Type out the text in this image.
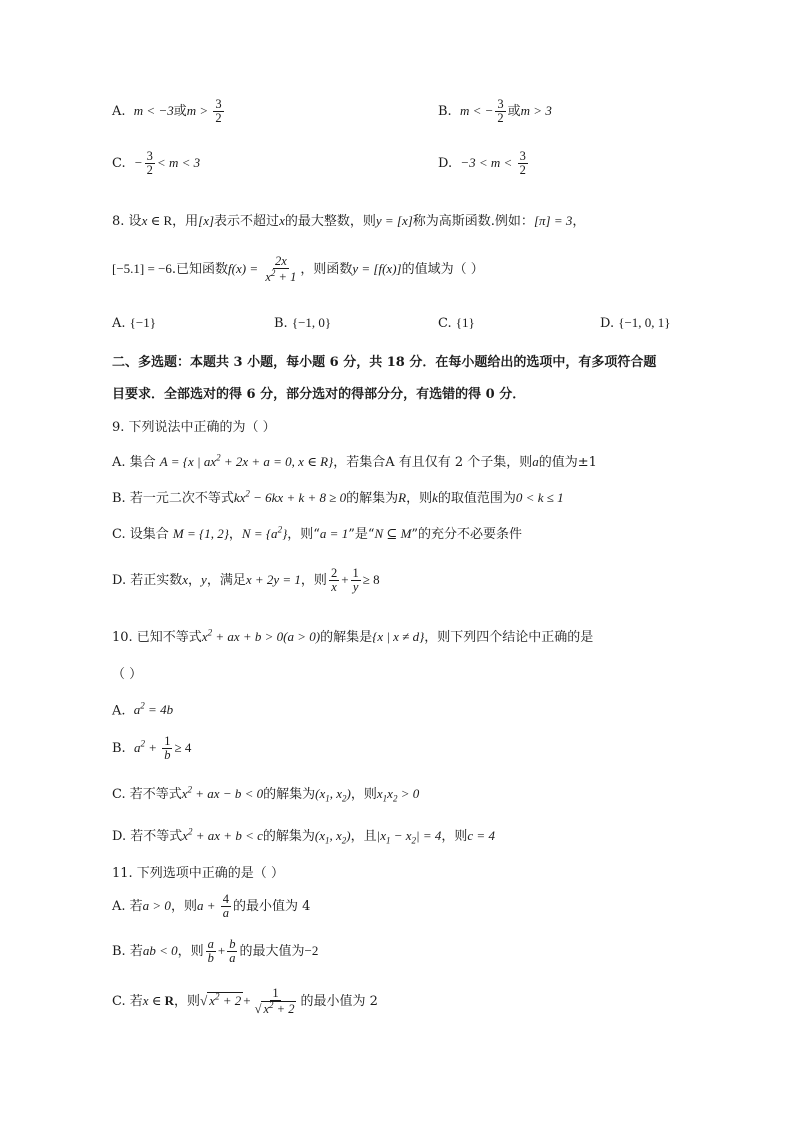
A. m < −3或$m > \frac{3}{2}$	B. m < − $\frac{3}{2}$ 或m > 3
C. − $\frac{3}{2} < m < 3$	D. $-3 < m < \frac{3}{2}$
8. 设x ∈ R，用[x]表示不超过x的最大整数，则y = [x]称为高斯函数.例如：[π] = 3，
[−5.1] = −6.已知函数$f(x) = \frac{2x}{x^2 + 1}$ ，则函数y = [f(x)]的值域为（ ）
A. {−1}	B. {−1, 0}	C. {1}	D. {−1, 0, 1}
二、多选题：本题共 3 小题，每小题 6 分，共 18 分．在每小题给出的选项中，有多项符合题
目要求．全部选对的得 6 分，部分选对的得部分分，有选错的得 0 分．
9. 下列说法中正确的为（ ）
A. 集合 A = {x | $ax^2 + 2x + a = 0$, x ∈ R}，若集合A 有且仅有 2 个子集，则a的值为±1
B. 若一元二次不等式$kx^2 - 6kx + k + 8 \ge 0$的解集为R，则k的取值范围为0 < k ≤ 1
C. 设集合 M = {1, 2}，$N = \{a^2\}$，则“a = 1”是“N ⊆ M”的充分不必要条件
D. 若正实数x，y，满足x + 2y = 1，则 $\frac{2}{x} + \frac{1}{y} \ge 8$
10. 已知不等式$x^2$ + ax + b > 0(a > 0)的解集是{x | x ≠ d}，则下列四个结论中正确的是
（ ）
A. $a^2 = 4b$
B. $a^2 + \frac{1}{b} \ge 4$
C. 若不等式$x^2$ + ax − b < 0的解集为($x_1$, $x_2$)，则$x_1x_2 > 0$
D. 若不等式$x^2$ + ax + b < c的解集为($x_1$, $x_2$)，且$|x_1 - x_2| = 4$，则c = 4
11. 下列选项中正确的是（ ）
A. 若a > 0，则$a + \frac{4}{a}$ 的最小值为 4
B. 若ab < 0，则 $\frac{a}{b} + \frac{b}{a}$ 的最大值为−2
C. 若x ∈ R，则√ $x^2 + 2 + \frac{1}{√ x^2 + 2}$ 的最小值为 2
